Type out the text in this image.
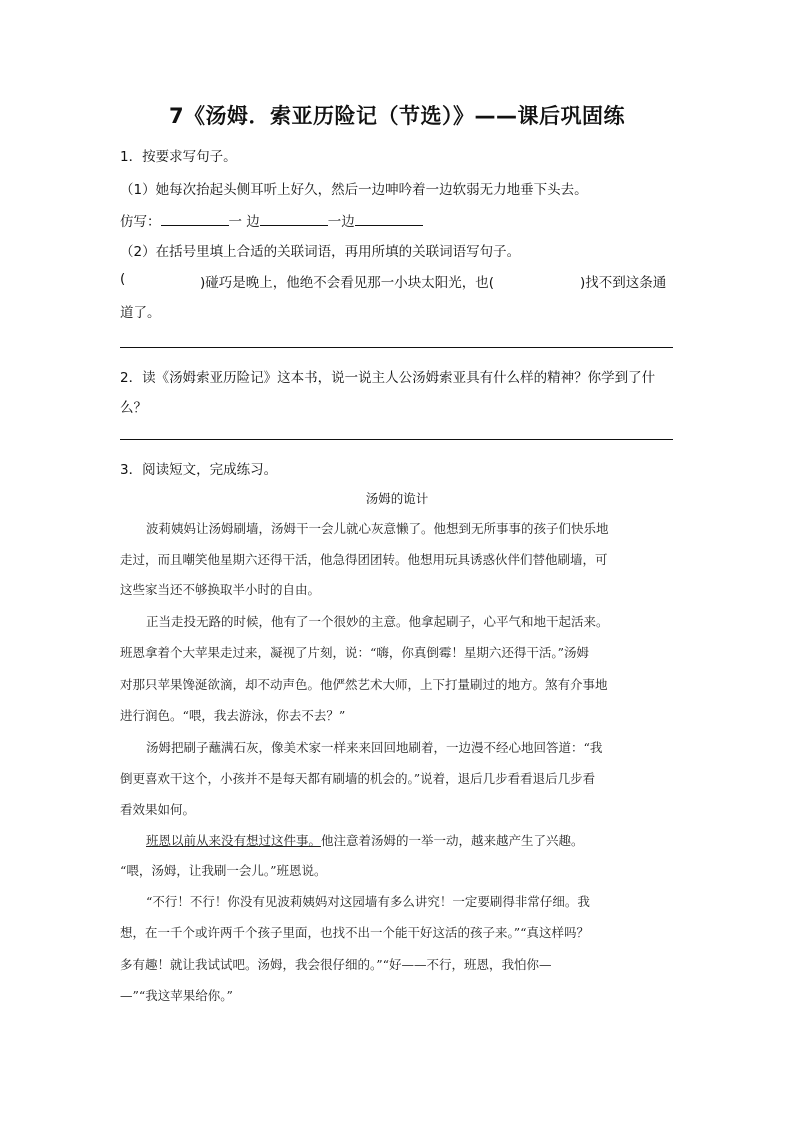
7《汤姆．索亚历险记（节选）》——课后巩固练
1．按要求写句子。
（1）她每次抬起头侧耳听上好久，然后一边呻吟着一边软弱无力地垂下头去。
仿写：	一 边	一边
（2）在括号里填上合适的关联词语，再用所填的关联词语写句子。
(	)碰巧是晚上，他绝不会看见那一小块太阳光，也(	)找不到这条通
道了。
2．读《汤姆索亚历险记》这本书，说一说主人公汤姆索亚具有什么样的精神？你学到了什
么？
3．阅读短文，完成练习。
汤姆的诡计
波莉姨妈让汤姆刷墙，汤姆干一会儿就心灰意懒了。他想到无所事事的孩子们快乐地
走过，而且嘲笑他星期六还得干活，他急得团团转。他想用玩具诱惑伙伴们替他刷墙，可
这些家当还不够换取半小时的自由。
正当走投无路的时候，他有了一个很妙的主意。他拿起刷子，心平气和地干起活来。
班恩拿着个大苹果走过来，凝视了片刻，说：“嗨，你真倒霉！星期六还得干活。”汤姆
对那只苹果馋涎欲滴，却不动声色。他俨然艺术大师，上下打量刷过的地方。煞有介事地
进行润色。“喂，我去游泳，你去不去？”
汤姆把刷子蘸满石灰，像美术家一样来来回回地刷着，一边漫不经心地回答道：“我
倒更喜欢干这个，小孩并不是每天都有刷墙的机会的。”说着，退后几步看看退后几步看
看效果如何。
班恩以前从来没有想过这件事。他注意着汤姆的一举一动，越来越产生了兴趣。
“喂，汤姆，让我刷一会儿。”班恩说。
“不行！不行！你没有见波莉姨妈对这园墙有多么讲究！一定要刷得非常仔细。我
想，在一千个或许两千个孩子里面，也找不出一个能干好这活的孩子来。”“真这样吗？
多有趣！就让我试试吧。汤姆，我会很仔细的。”“好——不行，班恩，我怕你—
—”“我这苹果给你。”
